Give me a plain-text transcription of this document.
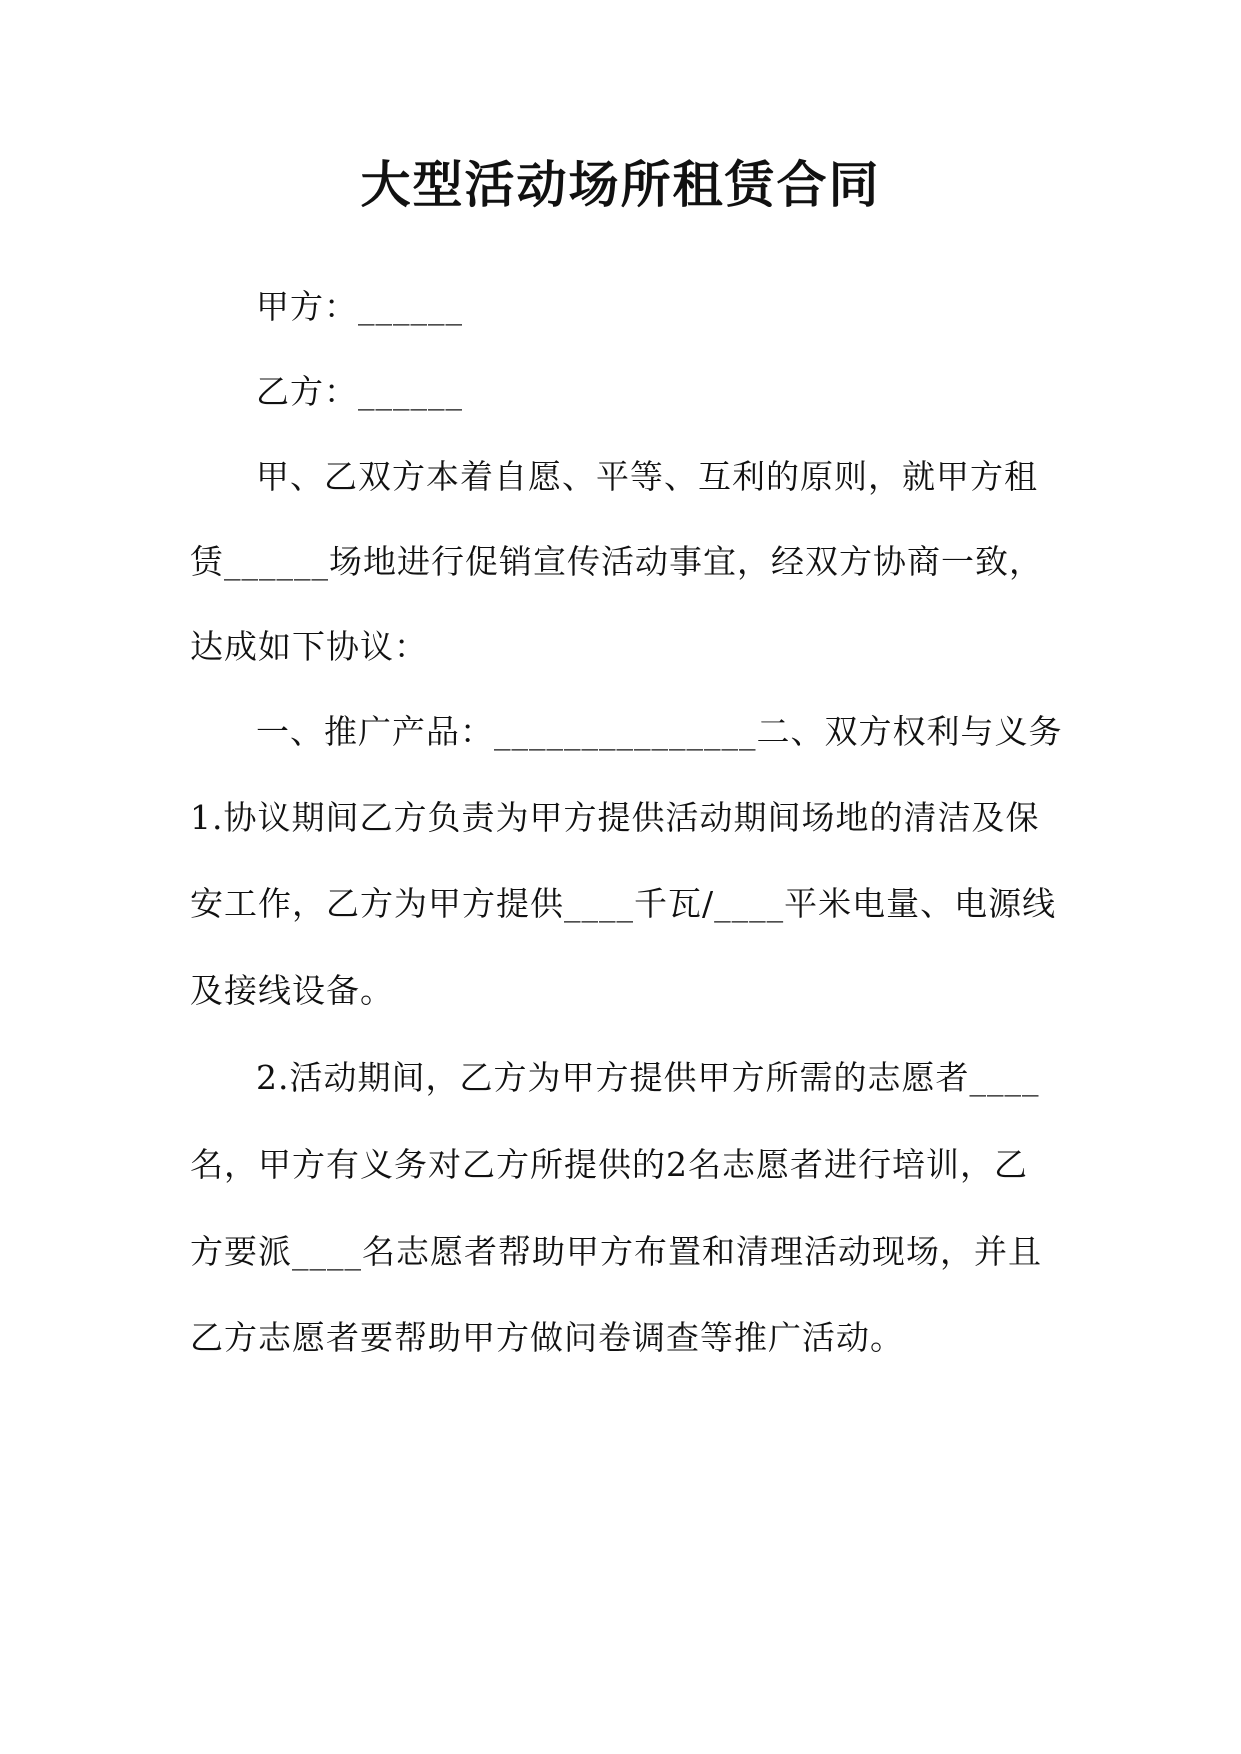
大型活动场所租赁合同
甲方：______
乙方：______
甲、乙双方本着自愿、平等、互利的原则，就甲方租
赁______场地进行促销宣传活动事宜，经双方协商一致，
达成如下协议：
一、推广产品：_______________二、双方权利与义务
1.协议期间乙方负责为甲方提供活动期间场地的清洁及保
安工作，乙方为甲方提供____千瓦/____平米电量、电源线
及接线设备。
2.活动期间，乙方为甲方提供甲方所需的志愿者____
名，甲方有义务对乙方所提供的2名志愿者进行培训，乙
方要派____名志愿者帮助甲方布置和清理活动现场，并且
乙方志愿者要帮助甲方做问卷调查等推广活动。
